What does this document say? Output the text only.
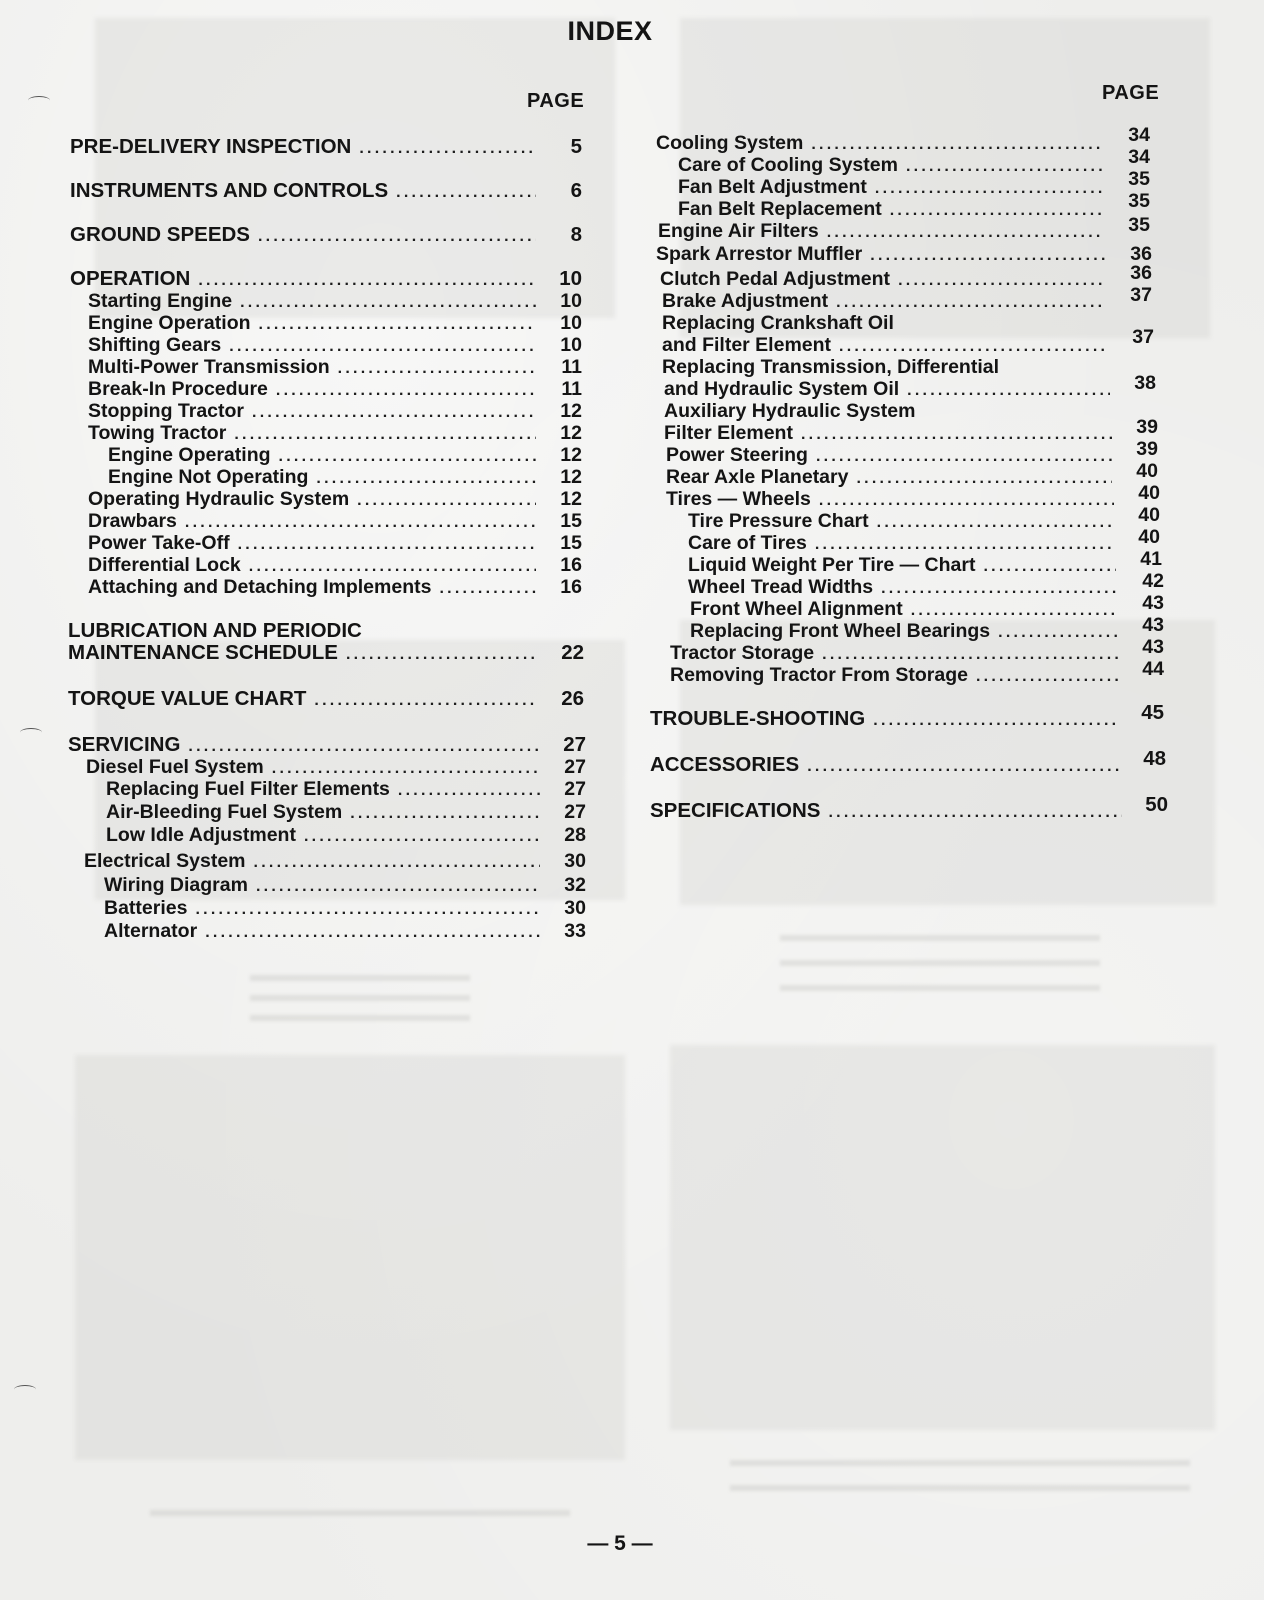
INDEX
PAGE	PAGE
PRE-DELIVERY INSPECTION . . .	5
INSTRUMENTS AND CONTROLS . . .	6
GROUND SPEEDS . . .	8
OPERATION . . .	10
Starting Engine . . .	10
Engine Operation . . .	10
Shifting Gears . . .	10
Multi-Power Transmission . . .	11
Break-In Procedure . . .	11
Stopping Tractor . . .	12
Towing Tractor . . .	12
Engine Operating . . .	12
Engine Not Operating . . .	12
Operating Hydraulic System . . .	12
Drawbars . . .	15
Power Take-Off . . .	15
Differential Lock . . .	16
Attaching and Detaching Implements . . .	16
LUBRICATION AND PERIODIC
MAINTENANCE SCHEDULE . . .	22
TORQUE VALUE CHART . . .	26
SERVICING . . .	27
Diesel Fuel System . . .	27
Replacing Fuel Filter Elements . . .	27
Air-Bleeding Fuel System . . .	27
Low Idle Adjustment . . .	28
Electrical System . . .	30
Wiring Diagram . . .	32
Batteries . . .	30
Alternator . . .	33
Cooling System . . .	34
Care of Cooling System . . .	34
Fan Belt Adjustment . . .	35
Fan Belt Replacement . . .	35
Engine Air Filters . . .	35
Spark Arrestor Muffler . . .	36
Clutch Pedal Adjustment . . .	36
Brake Adjustment . . .	37
Replacing Crankshaft Oil
and Filter Element . . .	37
Replacing Transmission, Differential
and Hydraulic System Oil . . .	38
Auxiliary Hydraulic System
Filter Element . . .	39
Power Steering . . .	39
Rear Axle Planetary . . .	40
Tires — Wheels . . .	40
Tire Pressure Chart . . .	40
Care of Tires . . .	40
Liquid Weight Per Tire — Chart . . .	41
Wheel Tread Widths . . .	42
Front Wheel Alignment . . .	43
Replacing Front Wheel Bearings . . .	43
Tractor Storage . . .	43
Removing Tractor From Storage . . .	44
TROUBLE-SHOOTING . . .	45
ACCESSORIES . . .	48
SPECIFICATIONS . . .	50
— 5 —
